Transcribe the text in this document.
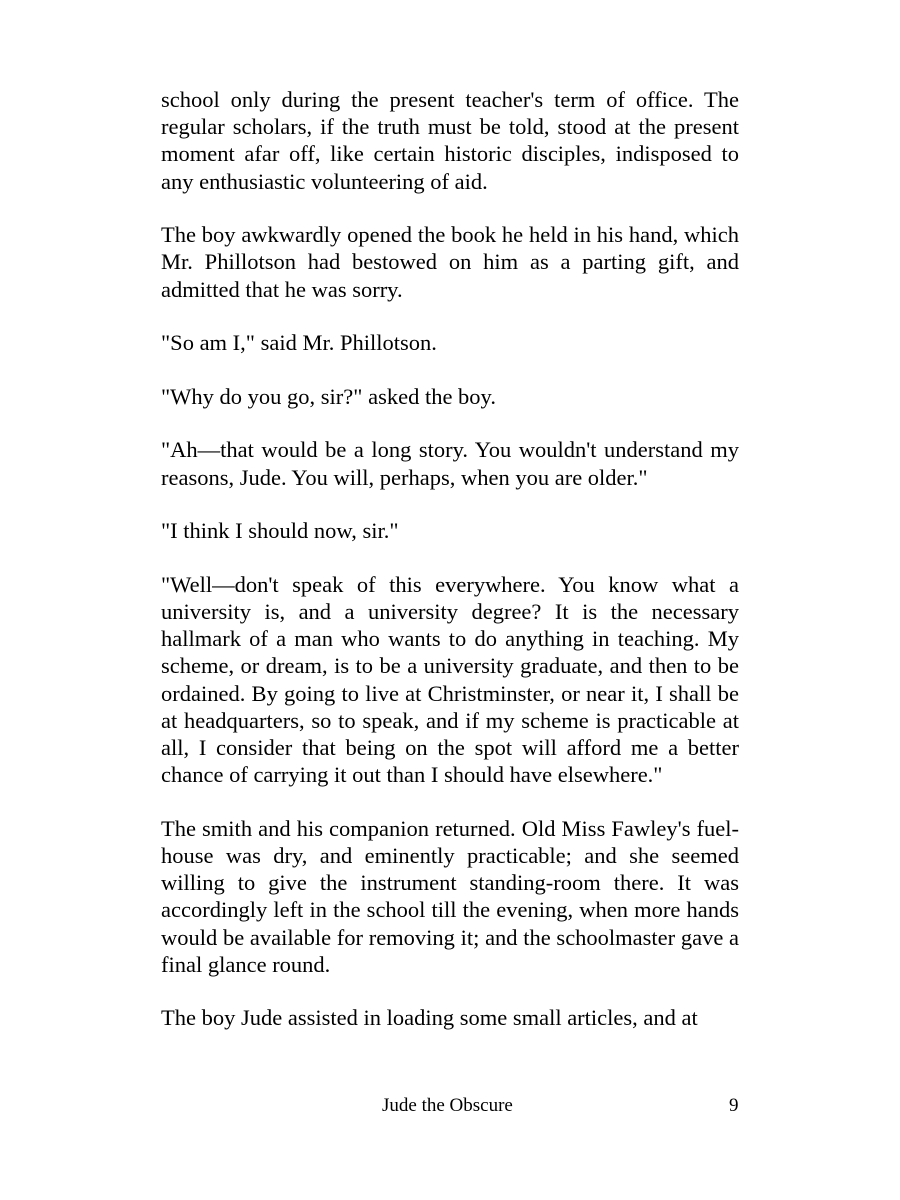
school only during the present teacher's term of office. The regular scholars, if the truth must be told, stood at the present moment afar off, like certain historic disciples, indisposed to any enthusiastic volunteering of aid.

The boy awkwardly opened the book he held in his hand, which Mr. Phillotson had bestowed on him as a parting gift, and admitted that he was sorry.

"So am I," said Mr. Phillotson.

"Why do you go, sir?" asked the boy.

"Ah—that would be a long story. You wouldn't understand my reasons, Jude. You will, perhaps, when you are older."

"I think I should now, sir."

"Well—don't speak of this everywhere. You know what a university is, and a university degree? It is the necessary hallmark of a man who wants to do anything in teaching. My scheme, or dream, is to be a university graduate, and then to be ordained. By going to live at Christminster, or near it, I shall be at headquarters, so to speak, and if my scheme is practicable at all, I consider that being on the spot will afford me a better chance of carrying it out than I should have elsewhere."

The smith and his companion returned. Old Miss Fawley's fuel-house was dry, and eminently practicable; and she seemed willing to give the instrument standing-room there. It was accordingly left in the school till the evening, when more hands would be available for removing it; and the schoolmaster gave a final glance round.

The boy Jude assisted in loading some small articles, and at

Jude the Obscure	9
